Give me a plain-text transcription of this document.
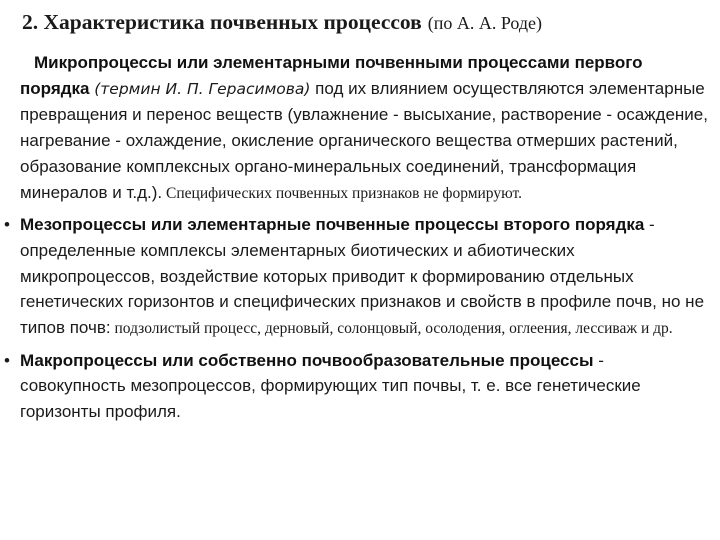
2. Характеристика почвенных процессов (по А. А. Роде)

Микропроцессы или элементарными почвенными процессами первого порядка (термин И. П. Герасимова) под их влиянием осуществляются элементарные превращения и перенос веществ (увлажнение - высыхание, растворение - осаждение, нагревание - охлаждение, окисление органического вещества отмерших растений, образование комплексных органо-минеральных соединений, трансформация минералов и т.д.). Специфических почвенных признаков не формируют.

• Мезопроцессы или элементарные почвенные процессы второго порядка - определенные комплексы элементарных биотических и абиотических микропроцессов, воздействие которых приводит к формированию отдельных генетических горизонтов и специфических признаков и свойств в профиле почв, но не типов почв: подзолистый процесс, дерновый, солонцовый, осолодения, оглеения, лессиваж и др.
• Макропроцессы или собственно почвообразовательные процессы - совокупность мезопроцессов, формирующих тип почвы, т. е. все генетические горизонты профиля.
